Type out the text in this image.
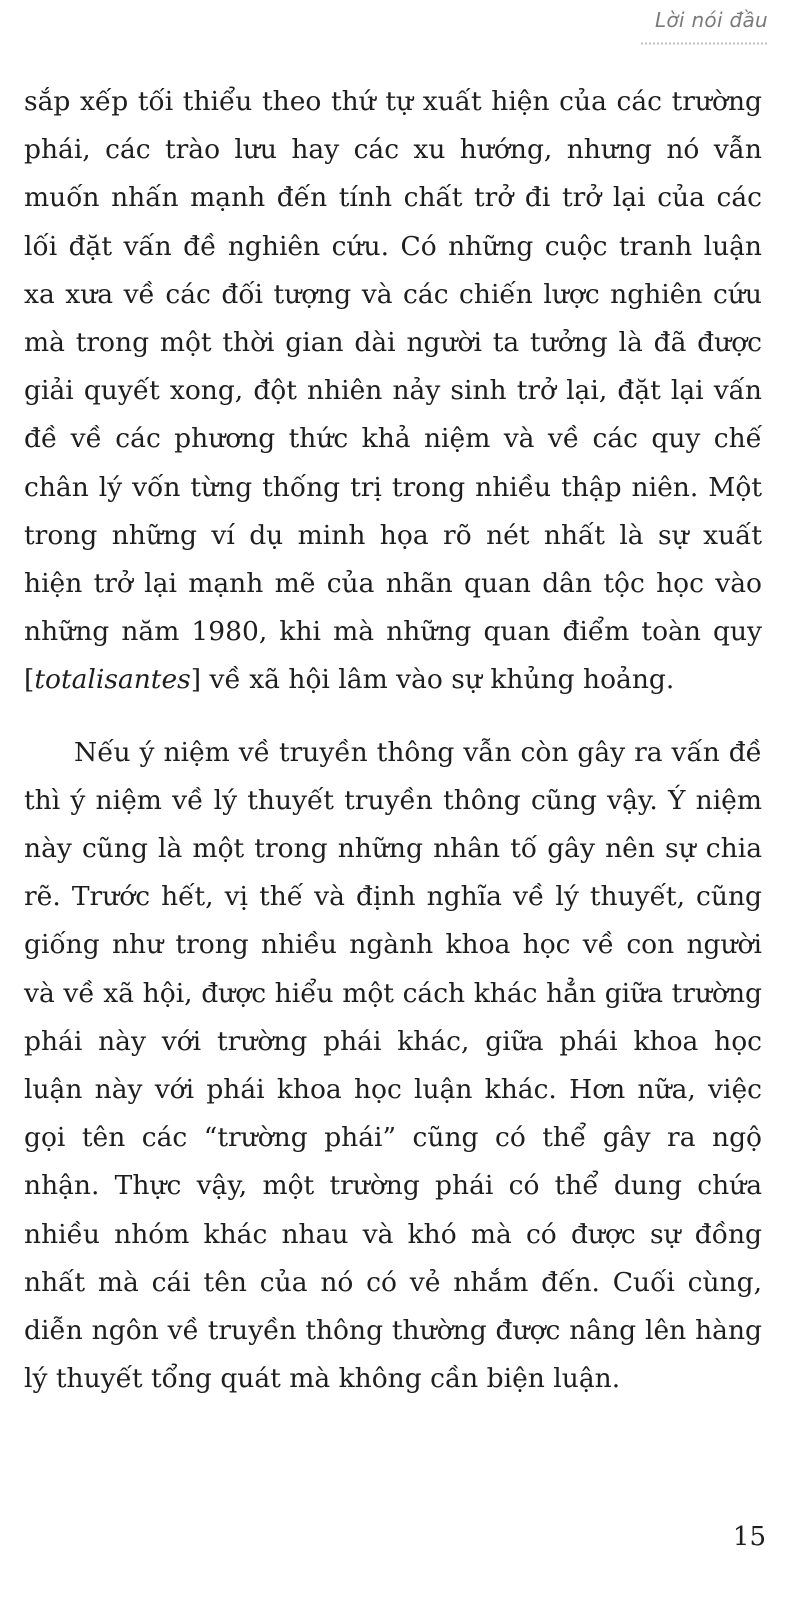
Lời nói đầu

sắp xếp tối thiểu theo thứ tự xuất hiện của các trường phái, các trào lưu hay các xu hướng, nhưng nó vẫn muốn nhấn mạnh đến tính chất trở đi trở lại của các lối đặt vấn đề nghiên cứu. Có những cuộc tranh luận xa xưa về các đối tượng và các chiến lược nghiên cứu mà trong một thời gian dài người ta tưởng là đã được giải quyết xong, đột nhiên nảy sinh trở lại, đặt lại vấn đề về các phương thức khả niệm và về các quy chế chân lý vốn từng thống trị trong nhiều thập niên. Một trong những ví dụ minh họa rõ nét nhất là sự xuất hiện trở lại mạnh mẽ của nhãn quan dân tộc học vào những năm 1980, khi mà những quan điểm toàn quy [totalisantes] về xã hội lâm vào sự khủng hoảng.

Nếu ý niệm về truyền thông vẫn còn gây ra vấn đề thì ý niệm về lý thuyết truyền thông cũng vậy. Ý niệm này cũng là một trong những nhân tố gây nên sự chia rẽ. Trước hết, vị thế và định nghĩa về lý thuyết, cũng giống như trong nhiều ngành khoa học về con người và về xã hội, được hiểu một cách khác hẳn giữa trường phái này với trường phái khác, giữa phái khoa học luận này với phái khoa học luận khác. Hơn nữa, việc gọi tên các “trường phái” cũng có thể gây ra ngộ nhận. Thực vậy, một trường phái có thể dung chứa nhiều nhóm khác nhau và khó mà có được sự đồng nhất mà cái tên của nó có vẻ nhắm đến. Cuối cùng, diễn ngôn về truyền thông thường được nâng lên hàng lý thuyết tổng quát mà không cần biện luận.

15
